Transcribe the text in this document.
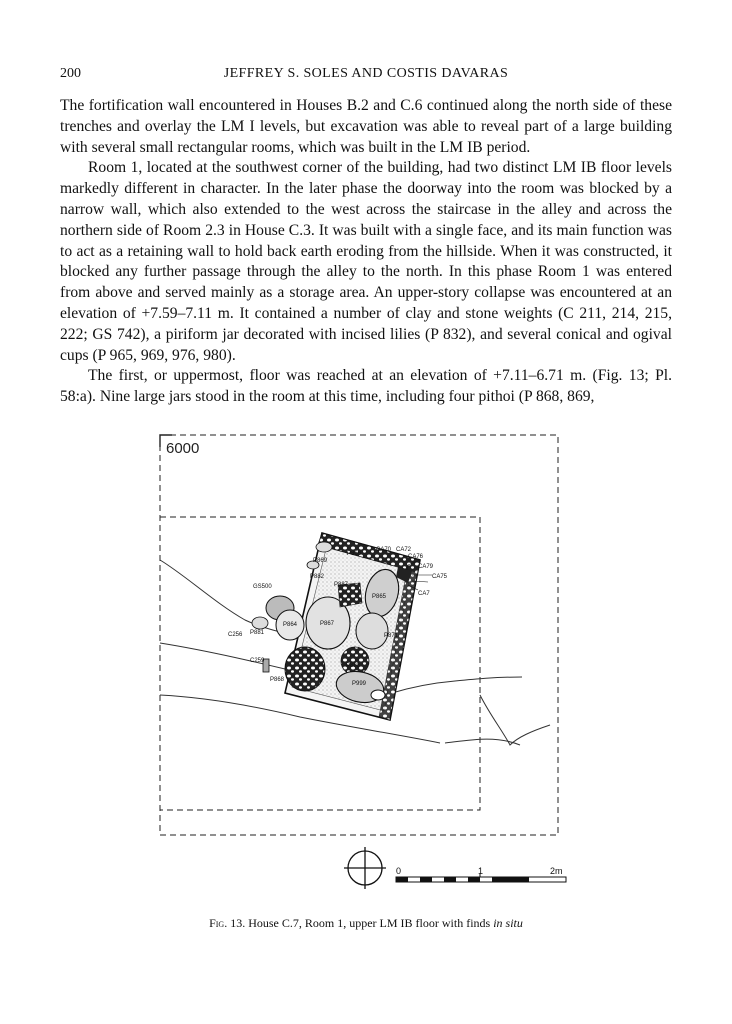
200	JEFFREY S. SOLES AND COSTIS DAVARAS

The fortification wall encountered in Houses B.2 and C.6 continued along the north side of these trenches and overlay the LM I levels, but excavation was able to reveal part of a large building with several small rectangular rooms, which was built in the LM IB period.

Room 1, located at the southwest corner of the building, had two distinct LM IB floor levels markedly different in character. In the later phase the doorway into the room was blocked by a narrow wall, which also extended to the west across the staircase in the alley and across the northern side of Room 2.3 in House C.3. It was built with a single face, and its main function was to act as a retaining wall to hold back earth eroding from the hillside. When it was constructed, it blocked any further passage through the alley to the north. In this phase Room 1 was entered from above and served mainly as a storage area. An upper-story collapse was encountered at an elevation of +7.59–7.11 m. It contained a number of clay and stone weights (C 211, 214, 215, 222; GS 742), a piriform jar decorated with incised lilies (P 832), and several conical and ogival cups (P 965, 969, 976, 980).

The first, or uppermost, floor was reached at an elevation of +7.11–6.71 m. (Fig. 13; Pl. 58:a). Nine large jars stood in the room at this time, including four pithoi (P 868, 869,

6000
CA70 CA72
CA76
CA79
CA75
CA7
P869
P866
P882
P887
GS500
P865
P864	P867
C256 P881	P871
C259
P883
P868
P999
0	1	2m
Fig. 13. House C.7, Room 1, upper LM IB floor with finds in situ
